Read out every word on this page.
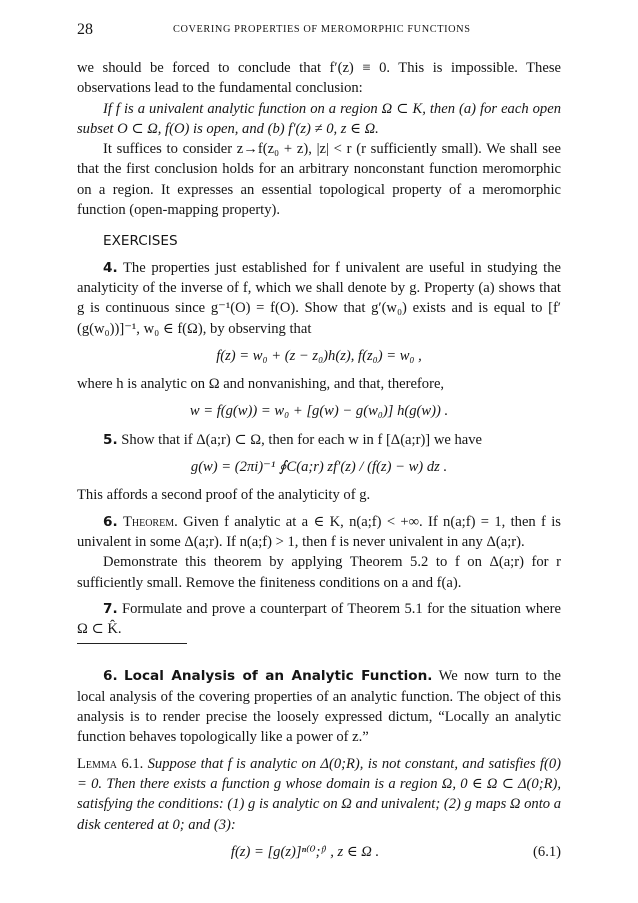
28	COVERING PROPERTIES OF MEROMORPHIC FUNCTIONS

we should be forced to conclude that f′(z) ≡ 0. This is impossible. These observations lead to the fundamental conclusion:

If f is a univalent analytic function on a region Ω ⊂ K, then (a) for each open subset O ⊂ Ω, f(O) is open, and (b) f′(z) ≠ 0, z ∈ Ω.

It suffices to consider z→f(z₀ + z), |z| < r (r sufficiently small). We shall see that the first conclusion holds for an arbitrary nonconstant function meromorphic on a region. It expresses an essential topological property of a meromorphic function (open-mapping property).

EXERCISES

4. The properties just established for f univalent are useful in studying the analyticity of the inverse of f, which we shall denote by g. Property (a) shows that g is continuous since g⁻¹(O) = f(O). Show that g′(w₀) exists and is equal to [f′(g(w₀))]⁻¹, w₀ ∈ f(Ω), by observing that

f(z) = w₀ + (z − z₀)h(z), f(z₀) = w₀ ,

where h is analytic on Ω and nonvanishing, and that, therefore,

w = f(g(w)) = w₀ + [g(w) − g(w₀)] h(g(w)) .

5. Show that if Δ(a;r) ⊂ Ω, then for each w in f [Δ(a;r)] we have

g(w) = (2πi)⁻¹ ∮C(a;r) zf′(z) / (f(z) − w) dz .

This affords a second proof of the analyticity of g.

6. Theorem. Given f analytic at a ∈ K, n(a;f) < +∞. If n(a;f) = 1, then f is univalent in some Δ(a;r). If n(a;f) > 1, then f is never univalent in any Δ(a;r).

Demonstrate this theorem by applying Theorem 5.2 to f on Δ(a;r) for r sufficiently small. Remove the finiteness conditions on a and f(a).

7. Formulate and prove a counterpart of Theorem 5.1 for the situation where Ω ⊂ K̂.

6. Local Analysis of an Analytic Function. We now turn to the local analysis of the covering properties of an analytic function. The object of this analysis is to render precise the loosely expressed dictum, “Locally an analytic function behaves topologically like a power of z.”

Lemma 6.1. Suppose that f is analytic on Δ(0;R), is not constant, and satisfies f(0) = 0. Then there exists a function g whose domain is a region Ω, 0 ∈ Ω ⊂ Δ(0;R), satisfying the conditions: (1) g is analytic on Ω and univalent; (2) g maps Ω onto a disk centered at 0; and (3):

f(z) = [g(z)]ⁿ⁽⁰;ᶠ⁾ , z ∈ Ω .	(6.1)
